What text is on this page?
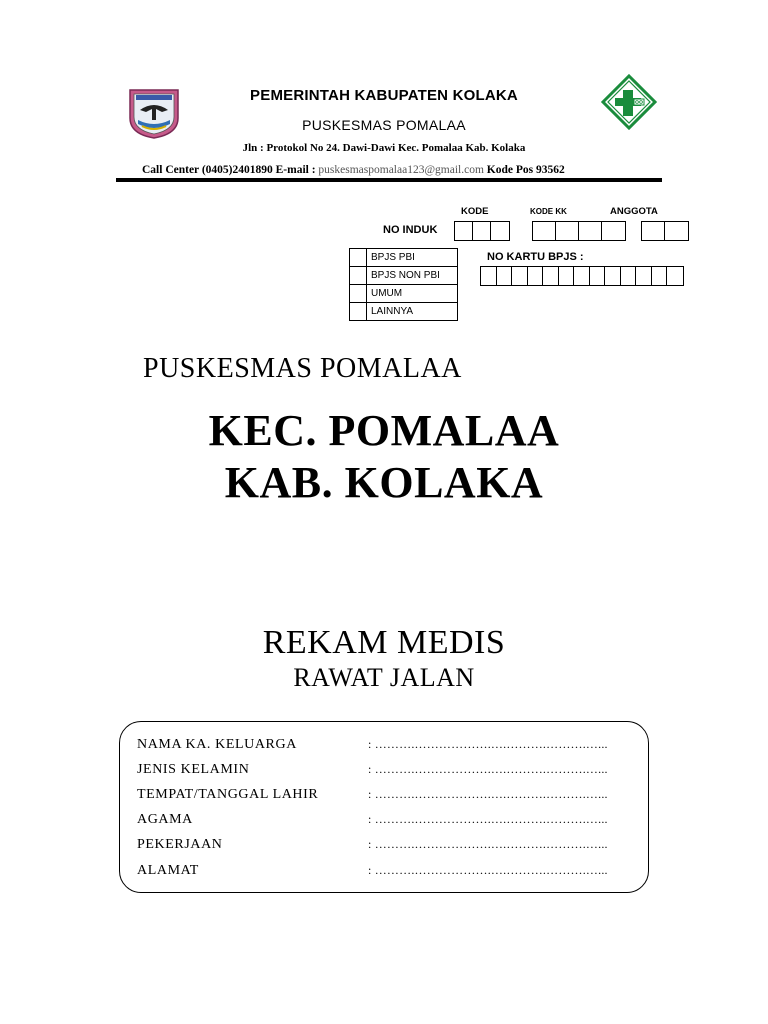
PEMERINTAH KABUPATEN KOLAKA
PUSKESMAS POMALAA
Jln : Protokol No 24. Dawi-Dawi Kec. Pomalaa Kab. Kolaka
Call Center (0405)2401890 E-mail : puskesmaspomalaa123@gmail.com Kode Pos 93562
KODE	KODE KK	ANGGOTA
NO INDUK
NO KARTU BPJS :
	BPJS PBI
	BPJS NON PBI
	UMUM
	LAINNYA
PUSKESMAS POMALAA
KEC. POMALAA
KAB. KOLAKA
REKAM MEDIS
RAWAT JALAN
NAMA KA. KELUARGA	: ……….……………….….……….……….…...
JENIS KELAMIN	: ……….……………….….……….……….…...
TEMPAT/TANGGAL LAHIR	: ……….……………….….……….……….…...
AGAMA	: ……….……………….….……….……….…...
PEKERJAAN	: ……….……………….….……….……….…...
ALAMAT	: ……….……………….….……….……….…...
